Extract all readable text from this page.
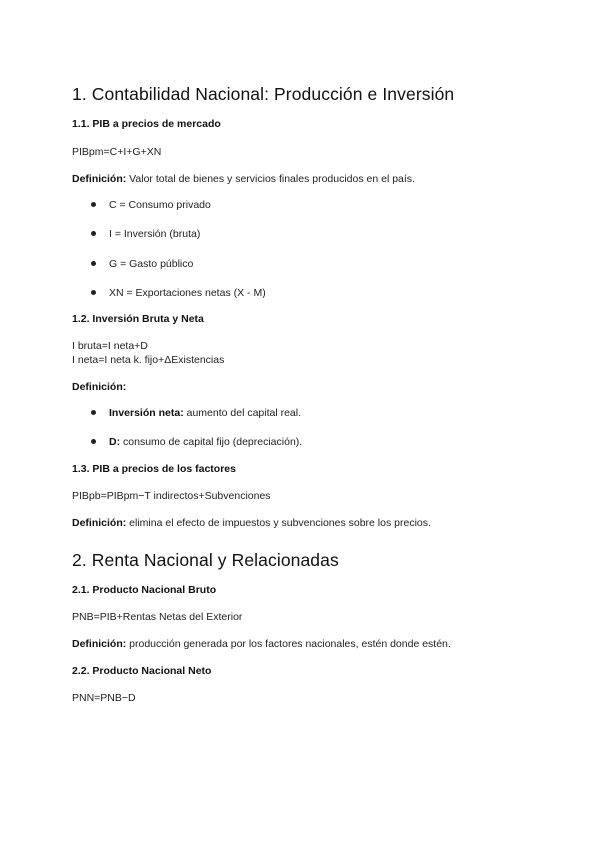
1. Contabilidad Nacional: Producción e Inversión
1.1. PIB a precios de mercado
PIBpm=C+I+G+XN
Definición: Valor total de bienes y servicios finales producidos en el país.
C = Consumo privado
I = Inversión (bruta)
G = Gasto público
XN = Exportaciones netas (X - M)
1.2. Inversión Bruta y Neta
I bruta=I neta+D
I neta=I neta k. fijo+ΔExistencias
Definición:
Inversión neta: aumento del capital real.
D: consumo de capital fijo (depreciación).
1.3. PIB a precios de los factores
PIBpb=PIBpm−T indirectos+Subvenciones
Definición: elimina el efecto de impuestos y subvenciones sobre los precios.
2. Renta Nacional y Relacionadas
2.1. Producto Nacional Bruto
PNB=PIB+Rentas Netas del Exterior
Definición: producción generada por los factores nacionales, estén donde estén.
2.2. Producto Nacional Neto
PNN=PNB−D
